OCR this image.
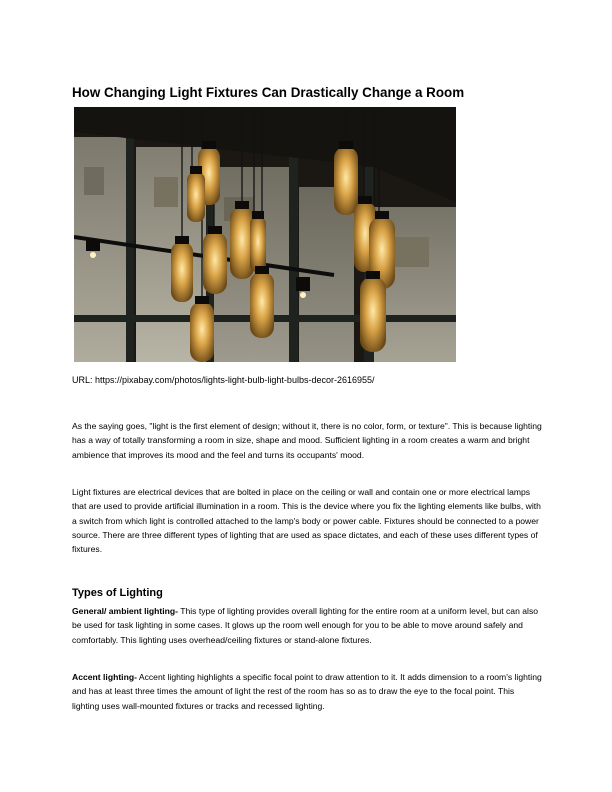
How Changing Light Fixtures Can Drastically Change a Room
URL: https://pixabay.com/photos/lights-light-bulb-light-bulbs-decor-2616955/

As the saying goes, "light is the first element of design; without it, there is no color, form, or texture". This is because lighting has a way of totally transforming a room in size, shape and mood. Sufficient lighting in a room creates a warm and bright ambience that improves its mood and the feel and turns its occupants' mood.

Light fixtures are electrical devices that are bolted in place on the ceiling or wall and contain one or more electrical lamps that are used to provide artificial illumination in a room. This is the device where you fix the lighting elements like bulbs, with a switch from which light is controlled attached to the lamp's body or power cable. Fixtures should be connected to a power source. There are three different types of lighting that are used as space dictates, and each of these uses different types of fixtures.

Types of Lighting

General/ ambient lighting- This type of lighting provides overall lighting for the entire room at a uniform level, but can also be used for task lighting in some cases. It glows up the room well enough for you to be able to move around safely and comfortably. This lighting uses overhead/ceiling fixtures or stand-alone fixtures.

Accent lighting- Accent lighting highlights a specific focal point to draw attention to it. It adds dimension to a room's lighting and has at least three times the amount of light the rest of the room has so as to draw the eye to the focal point. This lighting uses wall-mounted fixtures or tracks and recessed lighting.
